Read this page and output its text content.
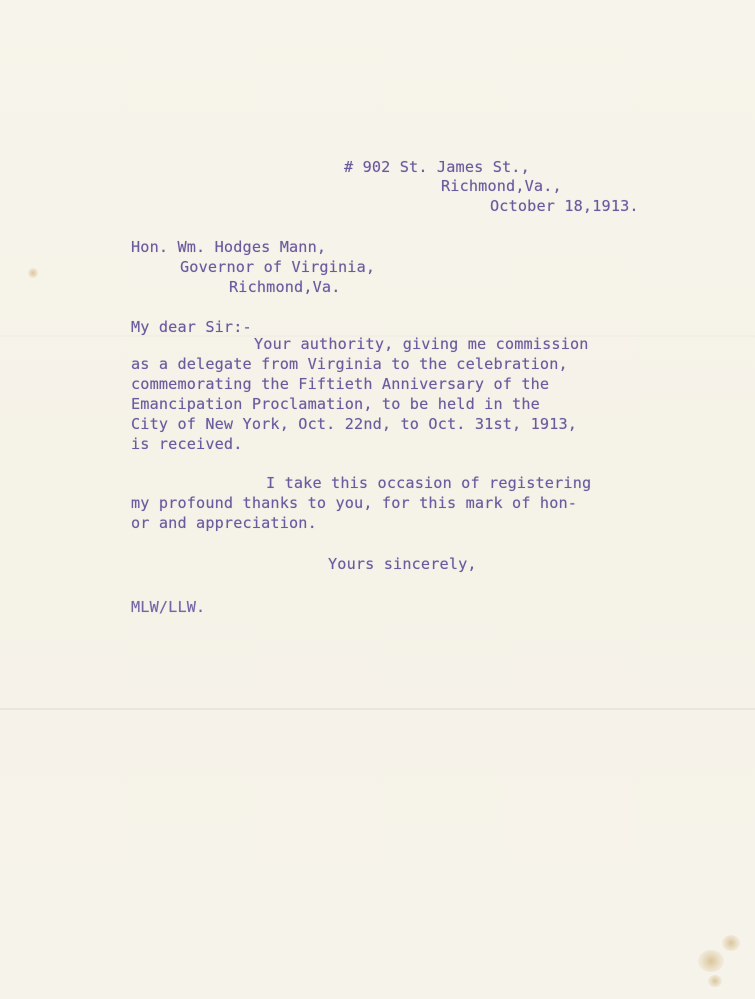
# 902 St. James St.,

Richmond,Va.,

October 18,1913.

Hon. Wm. Hodges Mann,

Governor of Virginia,

Richmond,Va.

My dear Sir:-

Your authority, giving me commission

as a delegate from Virginia to the celebration,

commemorating the Fiftieth Anniversary of the

Emancipation Proclamation, to be held in the

City of New York, Oct. 22nd, to Oct. 31st, 1913,

is received.

I take this occasion of registering

my profound thanks to you, for this mark of hon-

or and appreciation.

Yours sincerely,

MLW/LLW.
